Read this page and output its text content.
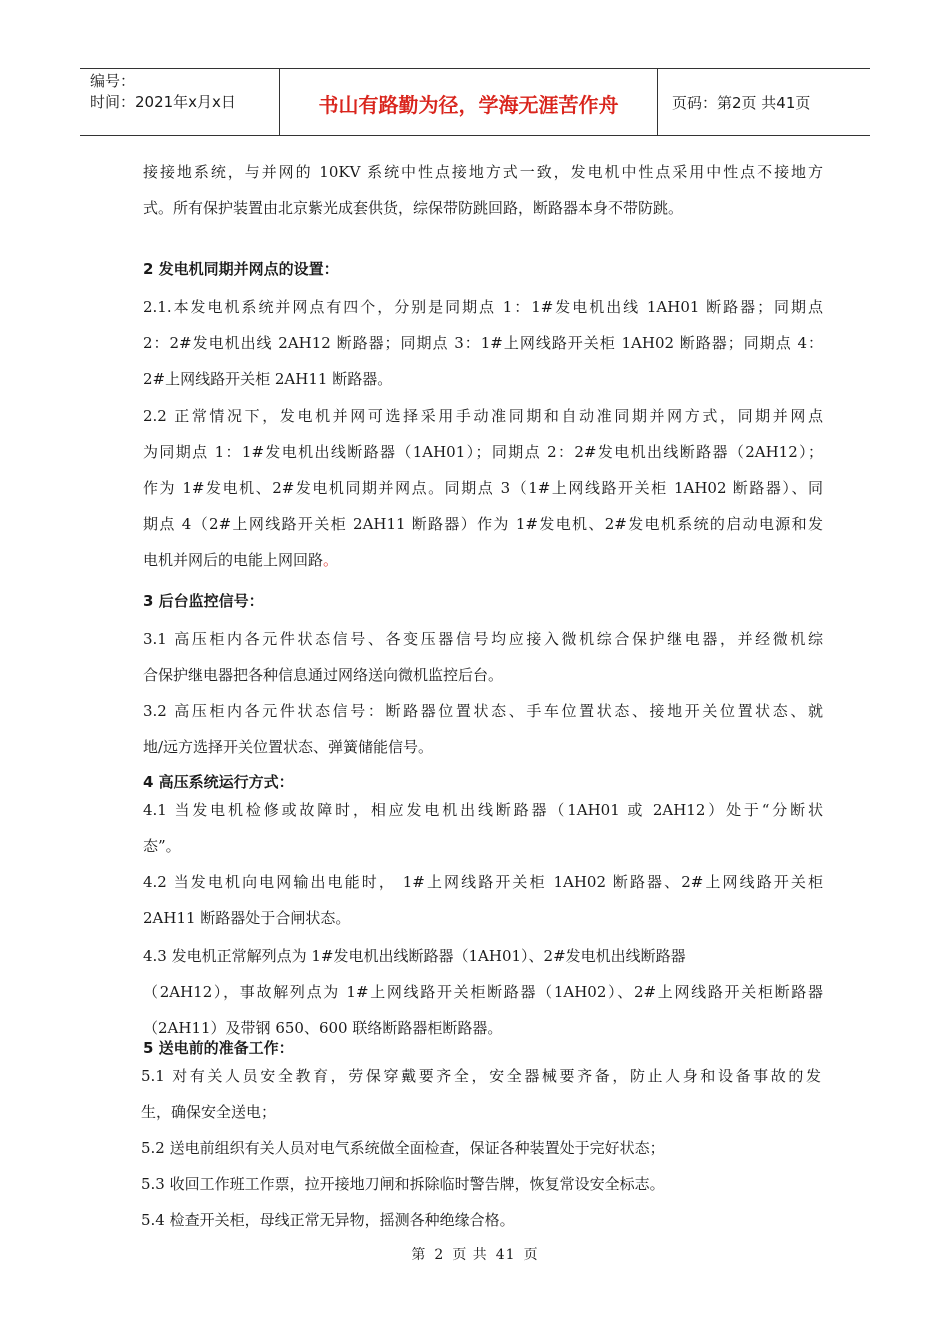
编号：
时间：2021年x月x日	书山有路勤为径，学海无涯苦作舟	页码：第2页 共41页
接接地系统，与并网的 10KV 系统中性点接地方式一致，发电机中性点采用中性点不接地方
式。所有保护装置由北京紫光成套供货，综保带防跳回路，断路器本身不带防跳。
2 发电机同期并网点的设置：
2.1.本发电机系统并网点有四个，分别是同期点 1：1#发电机出线 1AH01 断路器；同期点
2：2#发电机出线 2AH12 断路器；同期点 3：1#上网线路开关柜 1AH02 断路器；同期点 4：
2#上网线路开关柜 2AH11 断路器。
2.2 正常情况下，发电机并网可选择采用手动准同期和自动准同期并网方式，同期并网点
为同期点 1：1#发电机出线断路器（1AH01）；同期点 2：2#发电机出线断路器（2AH12）；
作为 1#发电机、2#发电机同期并网点。同期点 3（1#上网线路开关柜 1AH02 断路器）、同
期点 4（2#上网线路开关柜 2AH11 断路器）作为 1#发电机、2#发电机系统的启动电源和发
电机并网后的电能上网回路。
3 后台监控信号：
3.1 高压柜内各元件状态信号、各变压器信号均应接入微机综合保护继电器，并经微机综
合保护继电器把各种信息通过网络送向微机监控后台。
3.2 高压柜内各元件状态信号：断路器位置状态、手车位置状态、接地开关位置状态、就
地/远方选择开关位置状态、弹簧储能信号。
4 高压系统运行方式：
4.1 当发电机检修或故障时，相应发电机出线断路器（1AH01 或 2AH12）处于“分断状
态”。
4.2 当发电机向电网输出电能时， 1#上网线路开关柜 1AH02 断路器、2#上网线路开关柜
2AH11 断路器处于合闸状态。
4.3 发电机正常解列点为 1#发电机出线断路器（1AH01）、2#发电机出线断路器
（2AH12），事故解列点为 1#上网线路开关柜断路器（1AH02）、2#上网线路开关柜断路器
（2AH11）及带钢 650、600 联络断路器柜断路器。
5 送电前的准备工作：
5.1 对有关人员安全教育，劳保穿戴要齐全，安全器械要齐备，防止人身和设备事故的发
生，确保安全送电；
5.2 送电前组织有关人员对电气系统做全面检查，保证各种装置处于完好状态；
5.3 收回工作班工作票，拉开接地刀闸和拆除临时警告牌，恢复常设安全标志。
5.4 检查开关柜，母线正常无异物，摇测各种绝缘合格。
第 2 页 共 41 页
